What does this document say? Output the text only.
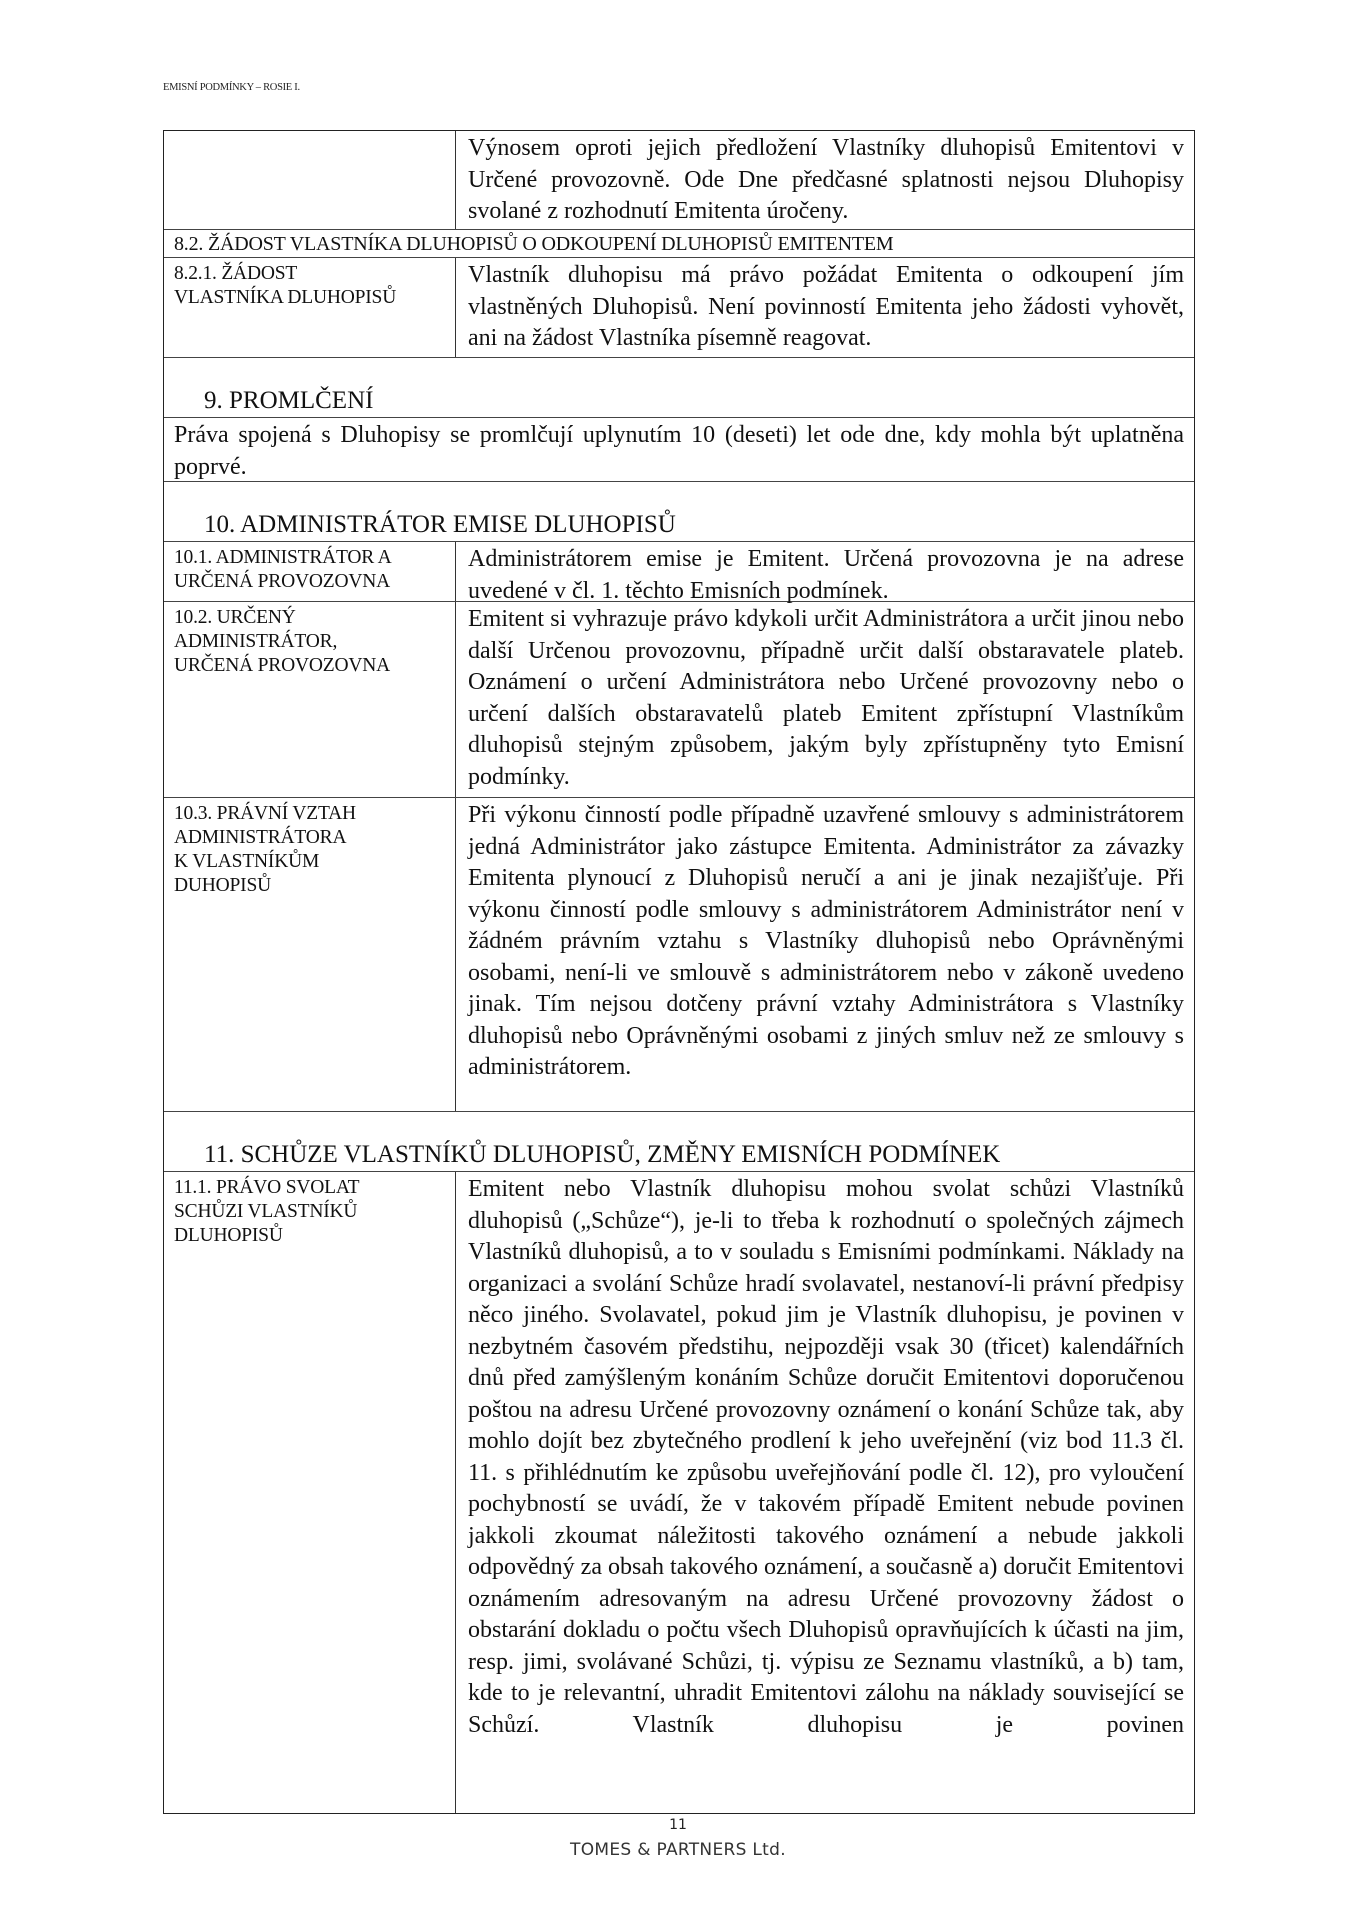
EMISNÍ PODMÍNKY – ROSIE I.
Výnosem oproti jejich předložení Vlastníky dluhopisů Emitentovi v Určené provozovně. Ode Dne předčasné splatnosti nejsou Dluhopisy svolané z rozhodnutí Emitenta úročeny.
8.2. ŽÁDOST VLASTNÍKA DLUHOPISŮ O ODKOUPENÍ DLUHOPISŮ EMITENTEM
8.2.1. ŽÁDOST
VLASTNÍKA DLUHOPISŮ
Vlastník dluhopisu má právo požádat Emitenta o odkoupení jím vlastněných Dluhopisů. Není povinností Emitenta jeho žádosti vyhovět, ani na žádost Vlastníka písemně reagovat.
9. PROMLČENÍ
Práva spojená s Dluhopisy se promlčují uplynutím 10 (deseti) let ode dne, kdy mohla být uplatněna poprvé.
10. ADMINISTRÁTOR EMISE DLUHOPISŮ
10.1. ADMINISTRÁTOR A
URČENÁ PROVOZOVNA
Administrátorem emise je Emitent. Určená provozovna je na adrese uvedené v čl. 1. těchto Emisních podmínek.
10.2. URČENÝ
ADMINISTRÁTOR,
URČENÁ PROVOZOVNA
Emitent si vyhrazuje právo kdykoli určit Administrátora a určit jinou nebo další Určenou provozovnu, případně určit další obstaravatele plateb. Oznámení o určení Administrátora nebo Určené provozovny nebo o určení dalších obstaravatelů plateb Emitent zpřístupní Vlastníkům dluhopisů stejným způsobem, jakým byly zpřístupněny tyto Emisní podmínky.
10.3. PRÁVNÍ VZTAH
ADMINISTRÁTORA
K VLASTNÍKŮM
DUHOPISŮ
Při výkonu činností podle případně uzavřené smlouvy s administrátorem jedná Administrátor jako zástupce Emitenta. Administrátor za závazky Emitenta plynoucí z Dluhopisů neručí a ani je jinak nezajišťuje. Při výkonu činností podle smlouvy s administrátorem Administrátor není v žádném právním vztahu s Vlastníky dluhopisů nebo Oprávněnými osobami, není-li ve smlouvě s administrátorem nebo v zákoně uvedeno jinak. Tím nejsou dotčeny právní vztahy Administrátora s Vlastníky dluhopisů nebo Oprávněnými osobami z jiných smluv než ze smlouvy s administrátorem.
11. SCHŮZE VLASTNÍKŮ DLUHOPISŮ, ZMĚNY EMISNÍCH PODMÍNEK
11.1. PRÁVO SVOLAT
SCHŮZI VLASTNÍKŮ
DLUHOPISŮ
Emitent nebo Vlastník dluhopisu mohou svolat schůzi Vlastníků dluhopisů („Schůze“), je-li to třeba k rozhodnutí o společných zájmech Vlastníků dluhopisů, a to v souladu s Emisními podmínkami. Náklady na organizaci a svolání Schůze hradí svolavatel, nestanoví-li právní předpisy něco jiného. Svolavatel, pokud jim je Vlastník dluhopisu, je povinen v nezbytném časovém předstihu, nejpozději vsak 30 (třicet) kalendářních dnů před zamýšleným konáním Schůze doručit Emitentovi doporučenou poštou na adresu Určené provozovny oznámení o konání Schůze tak, aby mohlo dojít bez zbytečného prodlení k jeho uveřejnění (viz bod 11.3 čl. 11. s přihlédnutím ke způsobu uveřejňování podle čl. 12), pro vyloučení pochybností se uvádí, že v takovém případě Emitent nebude povinen jakkoli zkoumat náležitosti takového oznámení a nebude jakkoli odpovědný za obsah takového oznámení, a současně a) doručit Emitentovi oznámením adresovaným na adresu Určené provozovny žádost o obstarání dokladu o počtu všech Dluhopisů opravňujících k účasti na jim, resp. jimi, svolávané Schůzi, tj. výpisu ze Seznamu vlastníků, a b) tam, kde to je relevantní, uhradit Emitentovi zálohu na náklady související se Schůzí. Vlastník dluhopisu je povinen
11
TOMES & PARTNERS Ltd.
